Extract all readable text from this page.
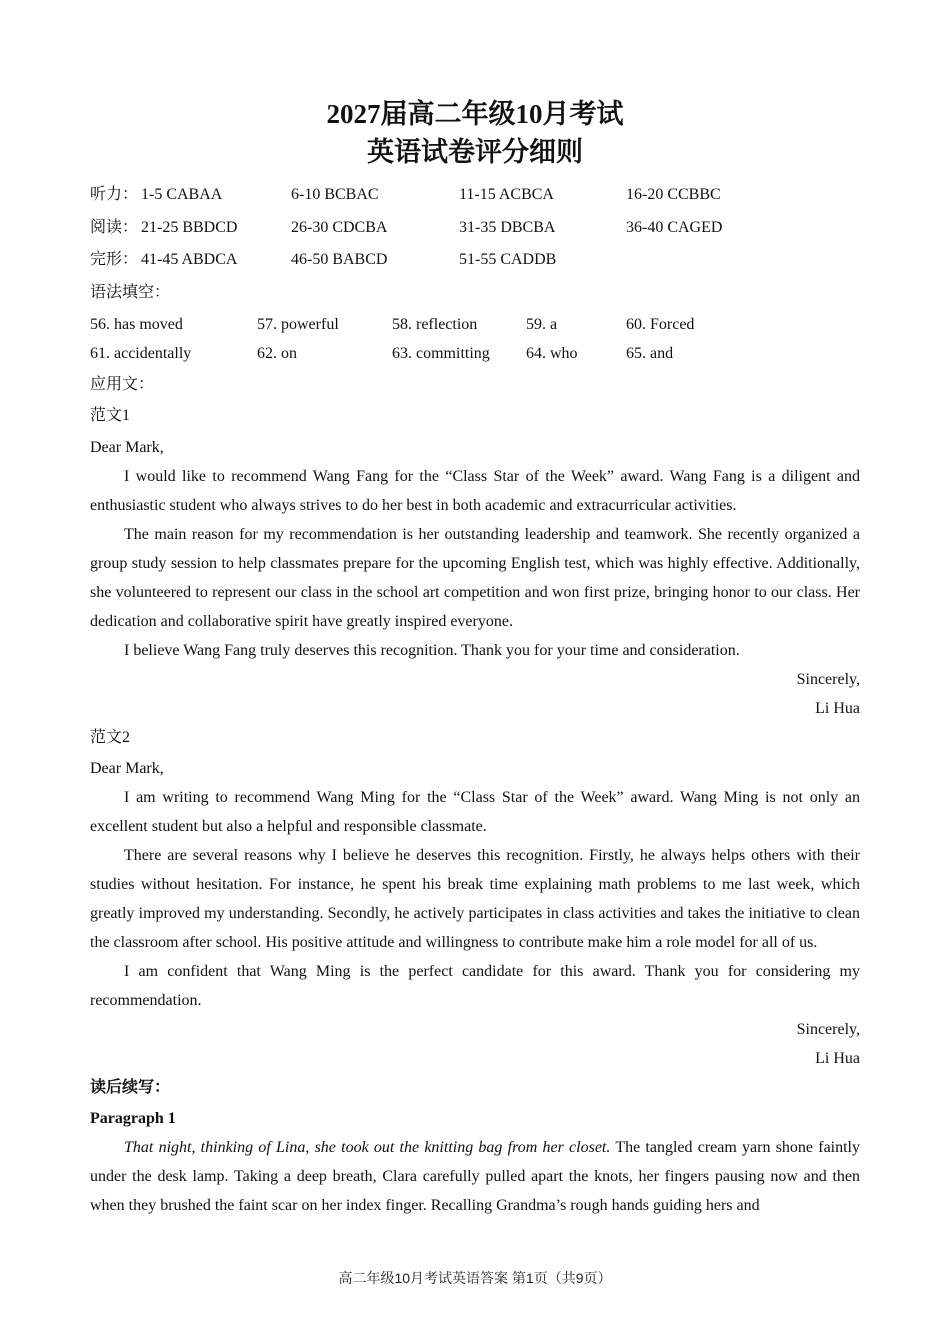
2027届高二年级10月考试
英语试卷评分细则
听力： 1-5 CABAA	6-10 BCBAC	11-15 ACBCA	16-20 CCBBC
阅读： 21-25 BBDCD	26-30 CDCBA	31-35 DBCBA	36-40 CAGED
完形： 41-45 ABDCA	46-50 BABCD	51-55 CADDB
语法填空：
56. has moved	57. powerful	58. reflection	59. a	60. Forced
61. accidentally	62. on	63. committing 64. who	65. and
应用文：
范文1
Dear Mark,

I would like to recommend Wang Fang for the “Class Star of the Week” award. Wang Fang is a diligent and enthusiastic student who always strives to do her best in both academic and extracurricular activities.

The main reason for my recommendation is her outstanding leadership and teamwork. She recently organized a group study session to help classmates prepare for the upcoming English test, which was highly effective. Additionally, she volunteered to represent our class in the school art competition and won first prize, bringing honor to our class. Her dedication and collaborative spirit have greatly inspired everyone.

I believe Wang Fang truly deserves this recognition. Thank you for your time and consideration.

Sincerely,
Li Hua
范文2
Dear Mark,

I am writing to recommend Wang Ming for the “Class Star of the Week” award. Wang Ming is not only an excellent student but also a helpful and responsible classmate.

There are several reasons why I believe he deserves this recognition. Firstly, he always helps others with their studies without hesitation. For instance, he spent his break time explaining math problems to me last week, which greatly improved my understanding. Secondly, he actively participates in class activities and takes the initiative to clean the classroom after school. His positive attitude and willingness to contribute make him a role model for all of us.

I am confident that Wang Ming is the perfect candidate for this award. Thank you for considering my recommendation.

Sincerely,
Li Hua
读后续写：
Paragraph 1

That night, thinking of Lina, she took out the knitting bag from her closet. The tangled cream yarn shone faintly under the desk lamp. Taking a deep breath, Clara carefully pulled apart the knots, her fingers pausing now and then when they brushed the faint scar on her index finger. Recalling Grandma’s rough hands guiding hers and

高二年级10月考试英语答案 第1页（共9页）
